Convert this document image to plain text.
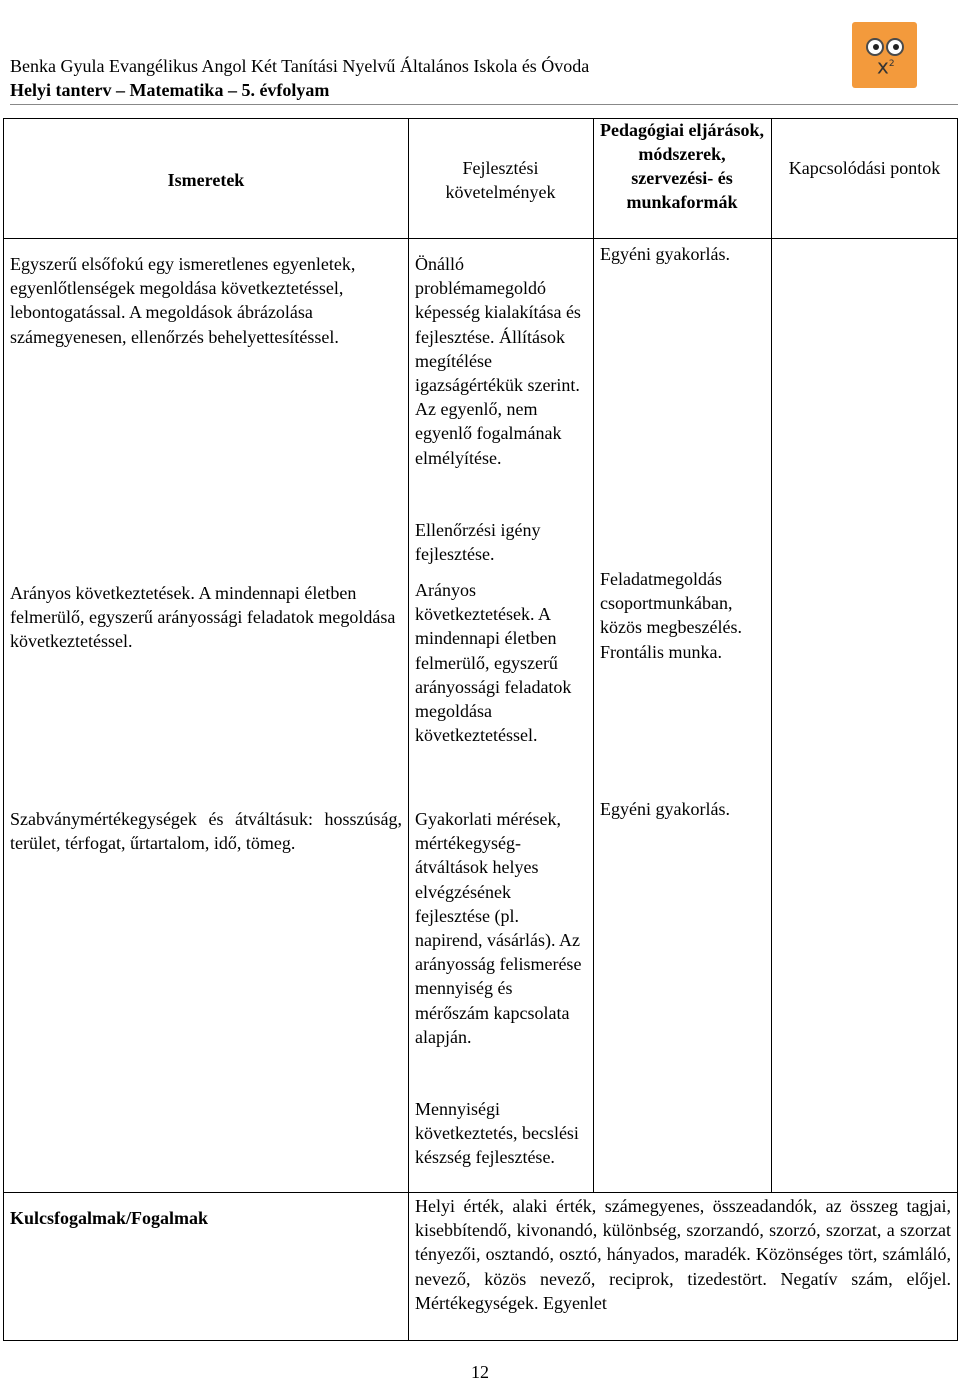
Benka Gyula Evangélikus Angol Két Tanítási Nyelvű Általános Iskola és Óvoda
Helyi tanterv – Matematika – 5. évfolyam
$x^2$
Ismeretek
Fejlesztési követelmények
Pedagógiai eljárások, módszerek, szervezési- és munkaformák
Kapcsolódási pontok
Egyszerű elsőfokú egy ismeretlenes egyenletek, egyenlőtlenségek megoldása következtetéssel, lebontogatással. A megoldások ábrázolása számegyenesen, ellenőrzés behelyettesítéssel.
Önálló problémamegoldó képesség kialakítása és fejlesztése. Állítások megítélése igazságértékük szerint. Az egyenlő, nem egyenlő fogalmának elmélyítése.
Ellenőrzési igény fejlesztése.
Egyéni gyakorlás.
Arányos következtetések. A mindennapi életben felmerülő, egyszerű arányossági feladatok megoldása következtetéssel.
Arányos következtetések. A mindennapi életben felmerülő, egyszerű arányossági feladatok megoldása következtetéssel.
Feladatmegoldás csoportmunkában, közös megbeszélés. Frontális munka.
Szabványmértékegységek és átváltásuk: hosszúság, terület, térfogat, űrtartalom, idő, tömeg.
Gyakorlati mérések, mértékegység-átváltások helyes elvégzésének fejlesztése (pl. napirend, vásárlás). Az arányosság felismerése mennyiség és mérőszám kapcsolata alapján.
Mennyiségi következtetés, becslési készség fejlesztése.
Egyéni gyakorlás.
Kulcsfogalmak/Fogalmak
Helyi érték, alaki érték, számegyenes, összeadandók, az összeg tagjai, kisebbítendő, kivonandó, különbség, szorzandó, szorzó, szorzat, a szorzat tényezői, osztandó, osztó, hányados, maradék. Közönséges tört, számláló, nevező, közös nevező, reciprok, tizedestört. Negatív szám, előjel. Mértékegységek. Egyenlet
12
